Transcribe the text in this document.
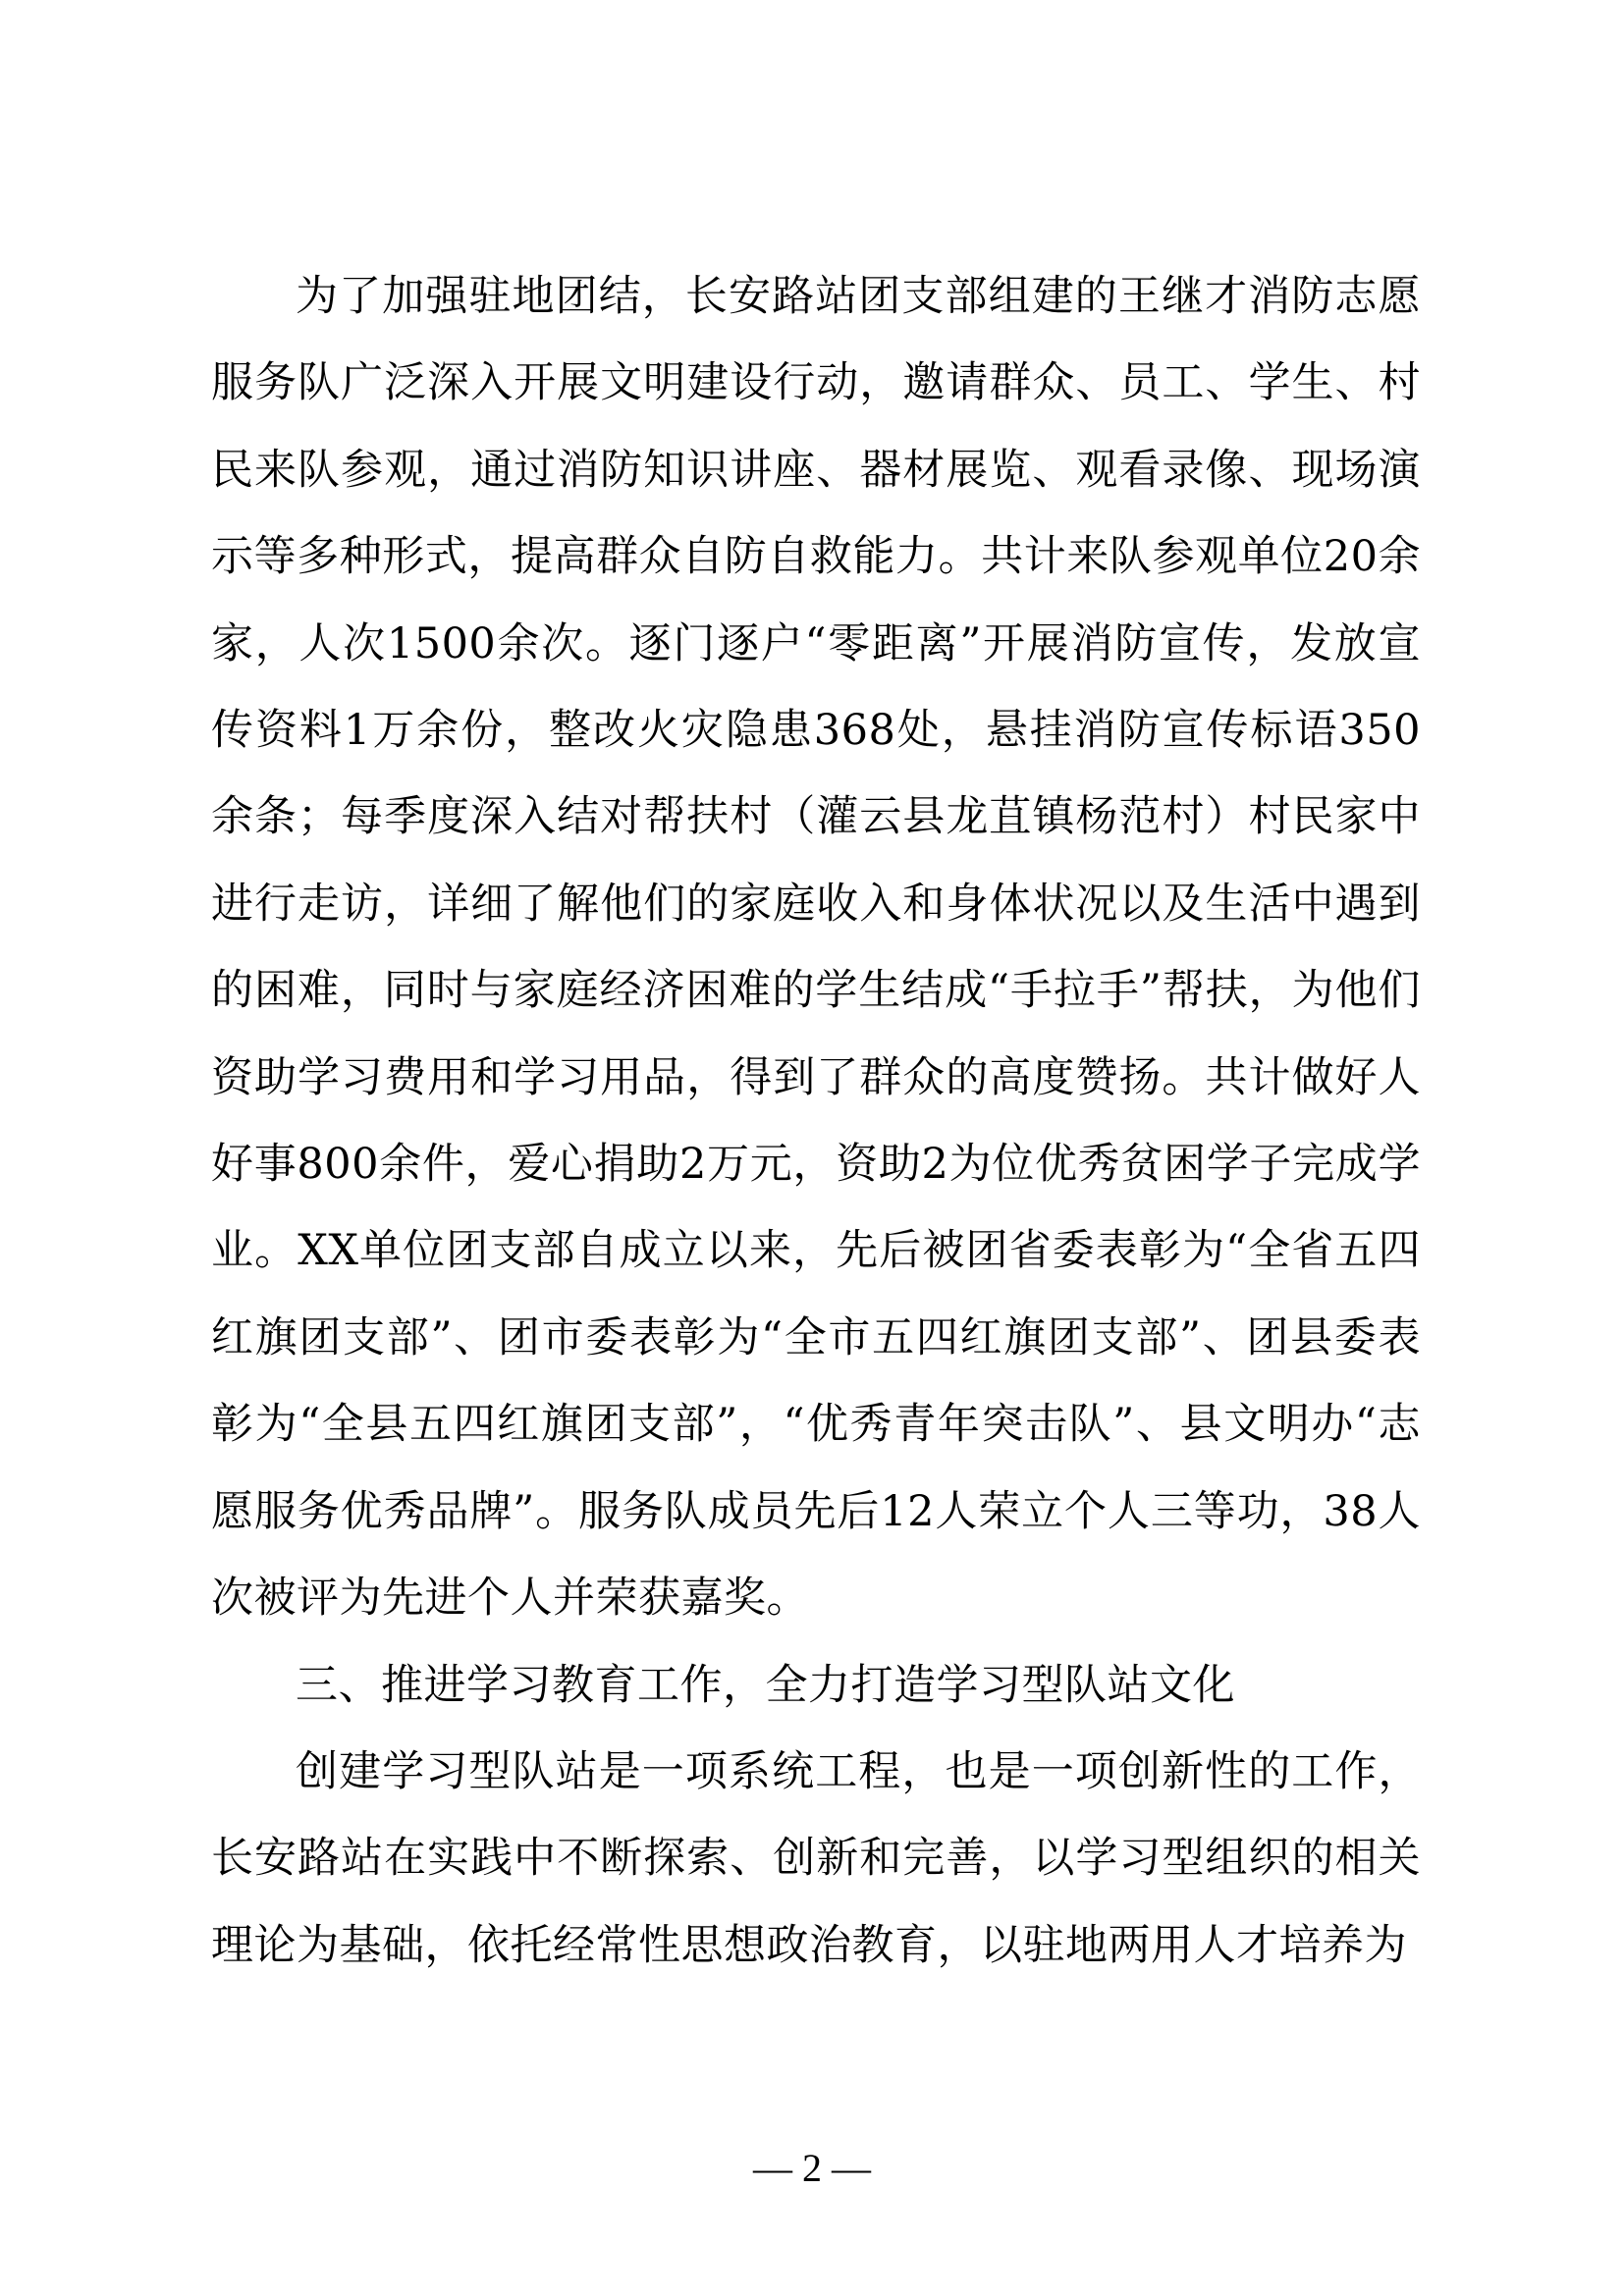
为了加强驻地团结，长安路站团支部组建的王继才消防志愿服务队广泛深入开展文明建设行动，邀请群众、员工、学生、村民来队参观，通过消防知识讲座、器材展览、观看录像、现场演示等多种形式，提高群众自防自救能力。共计来队参观单位20余家，人次1500余次。逐门逐户“零距离”开展消防宣传，发放宣传资料1万余份，整改火灾隐患368处，悬挂消防宣传标语350余条；每季度深入结对帮扶村（灌云县龙苴镇杨范村）村民家中进行走访，详细了解他们的家庭收入和身体状况以及生活中遇到的困难，同时与家庭经济困难的学生结成“手拉手”帮扶，为他们资助学习费用和学习用品，得到了群众的高度赞扬。共计做好人好事800余件，爱心捐助2万元，资助2为位优秀贫困学子完成学业。XX单位团支部自成立以来，先后被团省委表彰为“全省五四红旗团支部”、团市委表彰为“全市五四红旗团支部”、团县委表彰为“全县五四红旗团支部”，“优秀青年突击队”、县文明办“志愿服务优秀品牌”。服务队成员先后12人荣立个人三等功，38人次被评为先进个人并荣获嘉奖。

三、推进学习教育工作，全力打造学习型队站文化

创建学习型队站是一项系统工程，也是一项创新性的工作，长安路站在实践中不断探索、创新和完善，以学习型组织的相关理论为基础，依托经常性思想政治教育，以驻地两用人才培养为

— 2 —
